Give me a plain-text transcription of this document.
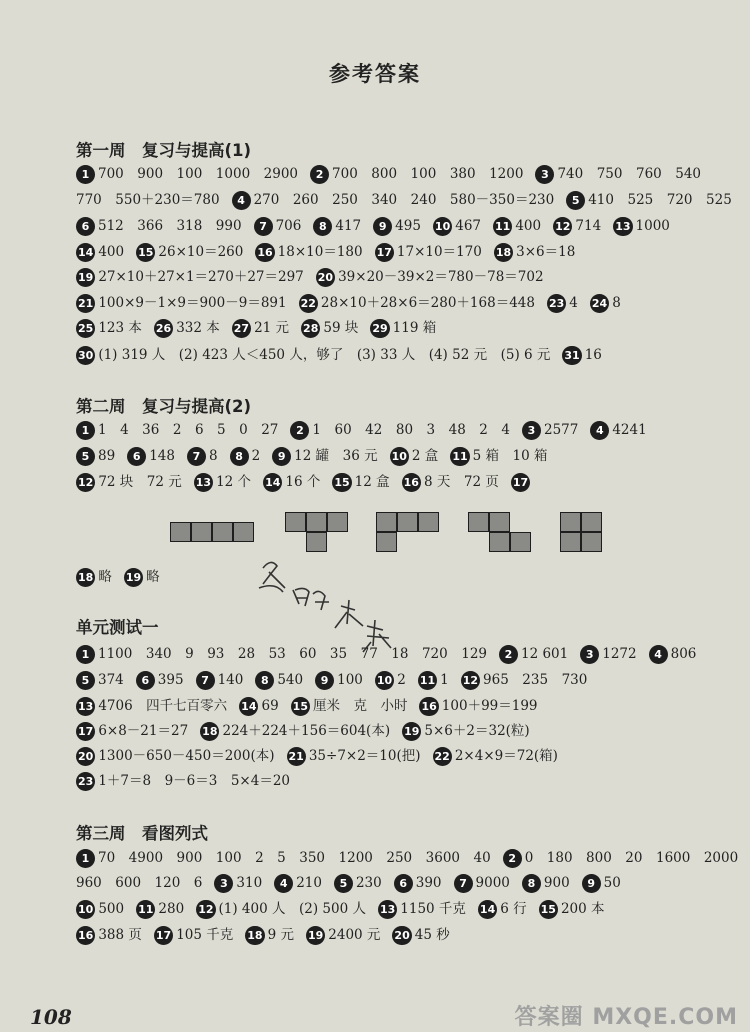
参考答案
第一周　复习与提高(1)
1 700　900　100　1000　2900 2 700　800　100　380　1200 3 740　750　760　540
770　550＋230＝780 4 270　260　250　340　240　580－350＝230 5 410　525　720　525
6 512　366　318　990 7 706 8 417 9 495 10 467 11 400 12 714 13 1000
14 400 15 26×10＝260 16 18×10＝180 17 17×10＝170 18 3×6＝18
19 27×10＋27×1＝270＋27＝297 20 39×20－39×2＝780－78＝702
21 100×9－1×9＝900－9＝891 22 28×10＋28×6＝280＋168＝448 23 4 24 8
25 123 本 26 332 本 27 21 元 28 59 块 29 119 箱
30 (1) 319 人　(2) 423 人＜450 人，够了　(3) 33 人　(4) 52 元　(5) 6 元 31 16
第二周　复习与提高(2)
1 1　4　36　2　6　5　0　27 2 1　60　42　80　3　48　2　4 3 2577 4 4241
5 89 6 148 7 8 8 2 9 12 罐　36 元 10 2 盒 11 5 箱　10 箱
12 72 块　72 元 13 12 个 14 16 个 15 12 盒 16 8 天　72 页 17
18 略 19 略
单元测试一
1 1100　340　9　93　28　53　60　35　77　18　720　129 2 12 601 3 1272 4 806
5 374 6 395 7 140 8 540 9 100 10 2 11 1 12 965　235　730
13 4706　四千七百零六 14 69 15 厘米　克　小时 16 100＋99＝199
17 6×8－21＝27 18 224＋224＋156＝604(本) 19 5×6＋2＝32(粒)
20 1300－650－450＝200(本) 21 35÷7×2＝10(把) 22 2×4×9＝72(箱)
23 1＋7＝8　9－6＝3　5×4＝20
第三周　看图列式
1 70　4900　900　100　2　5　350　1200　250　3600　40 2 0　180　800　20　1600　2000
960　600　120　6 3 310 4 210 5 230 6 390 7 9000 8 900 9 50
10 500 11 280 12 (1) 400 人　(2) 500 人 13 1150 千克 14 6 行 15 200 本
16 388 页 17 105 千克 18 9 元 19 2400 元 20 45 秒
108	答案圈 MXQE.COM
